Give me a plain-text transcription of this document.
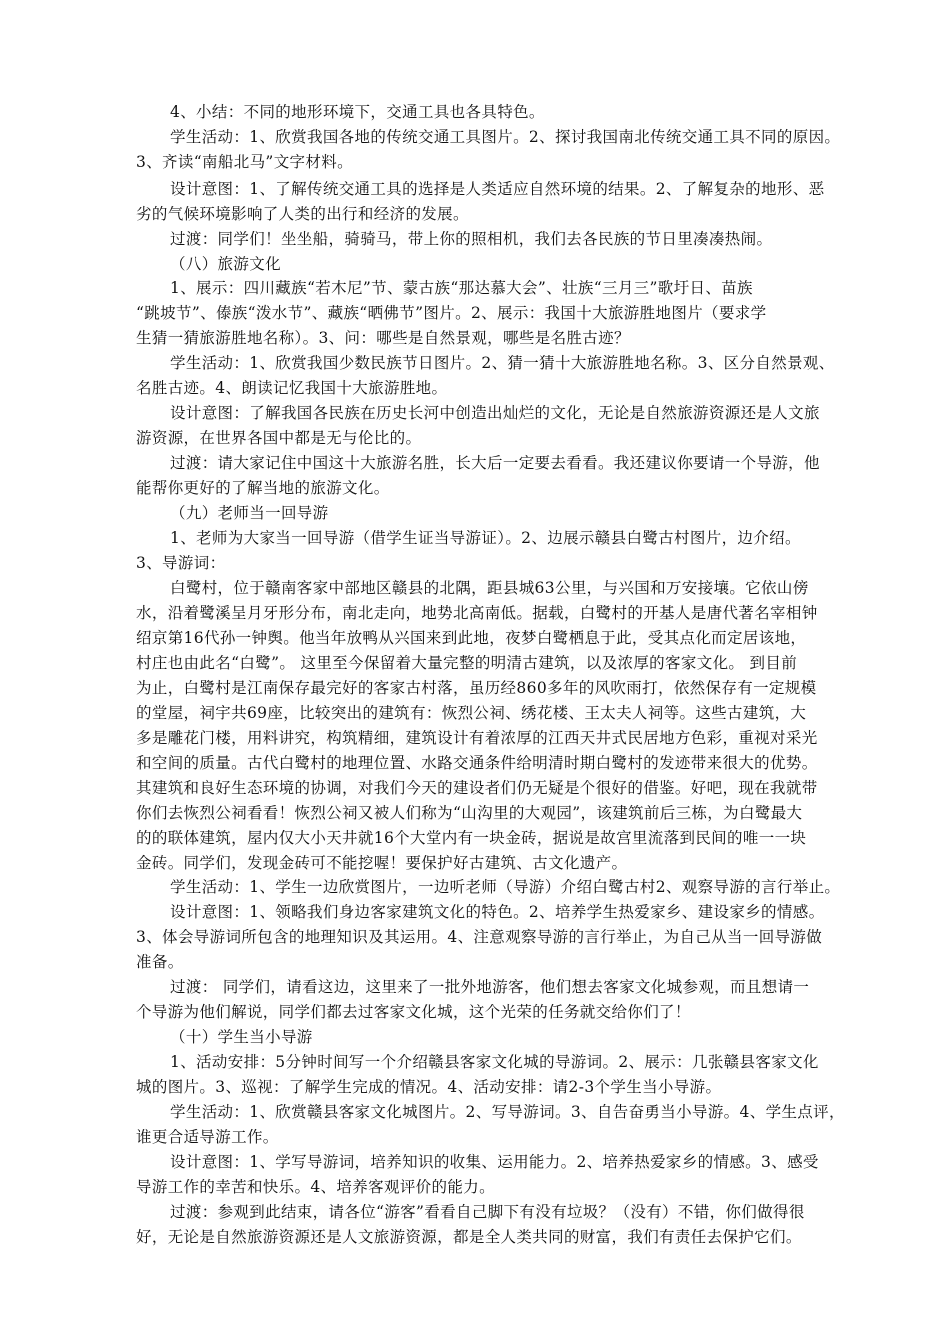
4、小结：不同的地形环境下，交通工具也各具特色。
学生活动：1、欣赏我国各地的传统交通工具图片。2、探讨我国南北传统交通工具不同的原因。
3、齐读“南船北马”文字材料。
设计意图：1、了解传统交通工具的选择是人类适应自然环境的结果。2、了解复杂的地形、恶
劣的气候环境影响了人类的出行和经济的发展。
过渡：同学们！坐坐船，骑骑马，带上你的照相机，我们去各民族的节日里凑凑热闹。
（八）旅游文化
1、展示：四川藏族“若木尼”节、蒙古族“那达慕大会”、壮族“三月三”歌圩日、苗族
“跳坡节”、傣族“泼水节”、藏族“晒佛节”图片。2、展示：我国十大旅游胜地图片（要求学
生猜一猜旅游胜地名称）。3、问：哪些是自然景观，哪些是名胜古迹？
学生活动：1、欣赏我国少数民族节日图片。2、猜一猜十大旅游胜地名称。3、区分自然景观、
名胜古迹。4、朗读记忆我国十大旅游胜地。
设计意图：了解我国各民族在历史长河中创造出灿烂的文化，无论是自然旅游资源还是人文旅
游资源，在世界各国中都是无与伦比的。
过渡：请大家记住中国这十大旅游名胜，长大后一定要去看看。我还建议你要请一个导游，他
能帮你更好的了解当地的旅游文化。
（九）老师当一回导游
1、老师为大家当一回导游（借学生证当导游证）。2、边展示赣县白鹭古村图片，边介绍。
3、导游词：
白鹭村，位于赣南客家中部地区赣县的北隅，距县城63公里，与兴国和万安接壤。它依山傍
水，沿着鹭溪呈月牙形分布，南北走向，地势北高南低。据载，白鹭村的开基人是唐代著名宰相钟
绍京第16代孙一钟舆。他当年放鸭从兴国来到此地，夜梦白鹭栖息于此，受其点化而定居该地，
村庄也由此名“白鹭”。 这里至今保留着大量完整的明清古建筑，以及浓厚的客家文化。 到目前
为止，白鹭村是江南保存最完好的客家古村落，虽历经860多年的风吹雨打，依然保存有一定规模
的堂屋，祠宇共69座，比较突出的建筑有：恢烈公祠、绣花楼、王太夫人祠等。这些古建筑，大
多是雕花门楼，用料讲究，构筑精细，建筑设计有着浓厚的江西天井式民居地方色彩，重视对采光
和空间的质量。古代白鹭村的地理位置、水路交通条件给明清时期白鹭村的发迹带来很大的优势。
其建筑和良好生态环境的协调，对我们今天的建设者们仍无疑是个很好的借鉴。好吧，现在我就带
你们去恢烈公祠看看！恢烈公祠又被人们称为“山沟里的大观园”，该建筑前后三栋，为白鹭最大
的的联体建筑，屋内仅大小天井就16个大堂内有一块金砖，据说是故宫里流落到民间的唯一一块
金砖。同学们，发现金砖可不能挖喔！要保护好古建筑、古文化遗产。
学生活动：1、学生一边欣赏图片，一边听老师（导游）介绍白鹭古村2、观察导游的言行举止。
设计意图：1、领略我们身边客家建筑文化的特色。2、培养学生热爱家乡、建设家乡的情感。
3、体会导游词所包含的地理知识及其运用。4、注意观察导游的言行举止，为自己从当一回导游做
准备。
过渡： 同学们，请看这边，这里来了一批外地游客，他们想去客家文化城参观，而且想请一
个导游为他们解说，同学们都去过客家文化城，这个光荣的任务就交给你们了！
（十）学生当小导游
1、活动安排：5分钟时间写一个介绍赣县客家文化城的导游词。2、展示：几张赣县客家文化
城的图片。3、巡视：了解学生完成的情况。4、活动安排：请2-3个学生当小导游。
学生活动：1、欣赏赣县客家文化城图片。2、写导游词。3、自告奋勇当小导游。4、学生点评，
谁更合适导游工作。
设计意图：1、学写导游词，培养知识的收集、运用能力。2、培养热爱家乡的情感。3、感受
导游工作的幸苦和快乐。4、培养客观评价的能力。
过渡：参观到此结束，请各位“游客”看看自己脚下有没有垃圾？（没有）不错，你们做得很
好，无论是自然旅游资源还是人文旅游资源，都是全人类共同的财富，我们有责任去保护它们。
